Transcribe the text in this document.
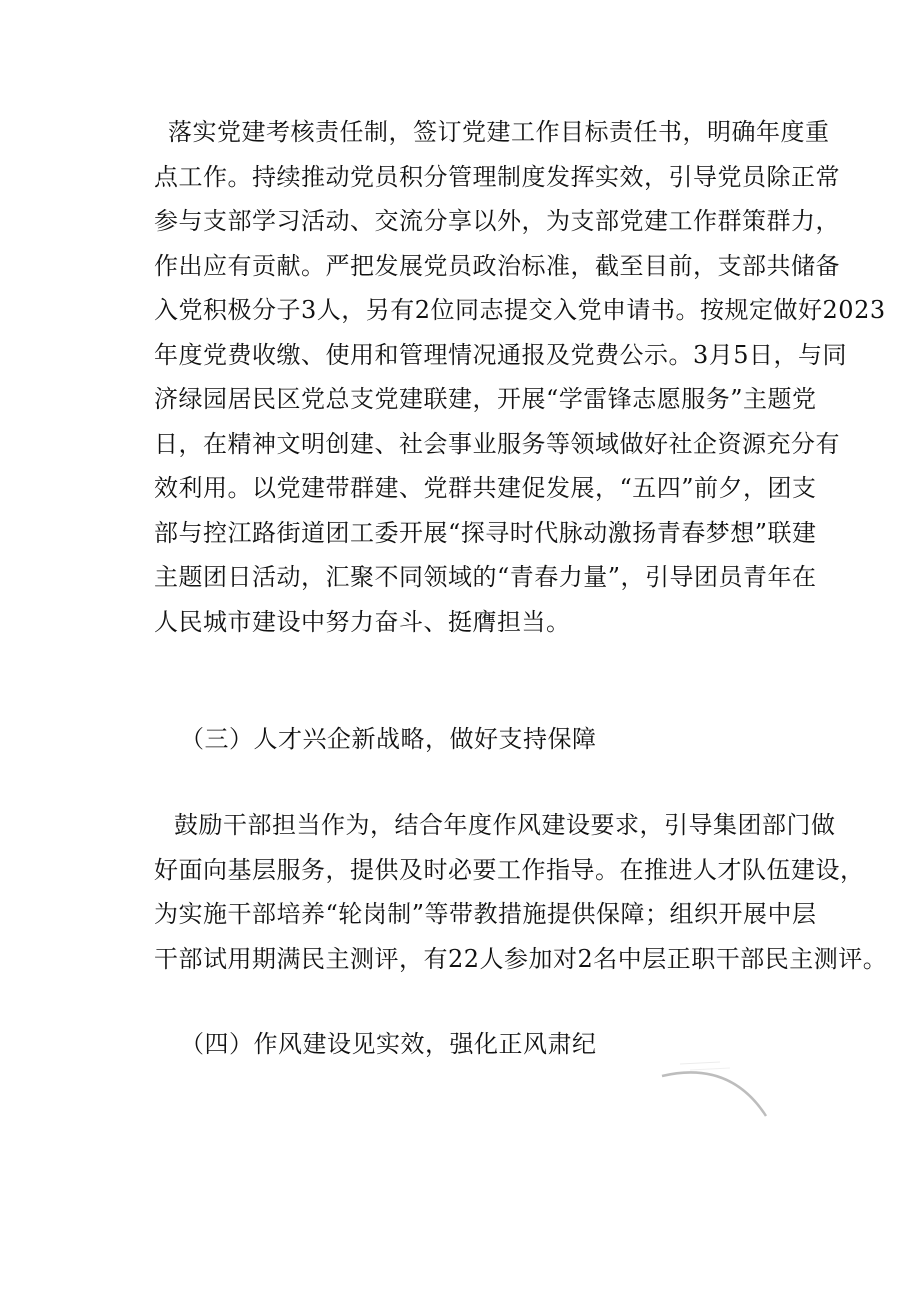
落实党建考核责任制，签订党建工作目标责任书，明确年度重
点工作。持续推动党员积分管理制度发挥实效，引导党员除正常
参与支部学习活动、交流分享以外，为支部党建工作群策群力，
作出应有贡献。严把发展党员政治标准，截至目前，支部共储备
入党积极分子3人，另有2位同志提交入党申请书。按规定做好2023
年度党费收缴、使用和管理情况通报及党费公示。3月5日，与同
济绿园居民区党总支党建联建，开展“学雷锋志愿服务”主题党
日，在精神文明创建、社会事业服务等领域做好社企资源充分有
效利用。以党建带群建、党群共建促发展，“五四”前夕，团支
部与控江路街道团工委开展“探寻时代脉动激扬青春梦想”联建
主题团日活动，汇聚不同领域的“青春力量”，引导团员青年在
人民城市建设中努力奋斗、挺膺担当。
（三）人才兴企新战略，做好支持保障
鼓励干部担当作为，结合年度作风建设要求，引导集团部门做
好面向基层服务，提供及时必要工作指导。在推进人才队伍建设，
为实施干部培养“轮岗制”等带教措施提供保障；组织开展中层
干部试用期满民主测评，有22人参加对2名中层正职干部民主测评。
（四）作风建设见实效，强化正风肃纪
